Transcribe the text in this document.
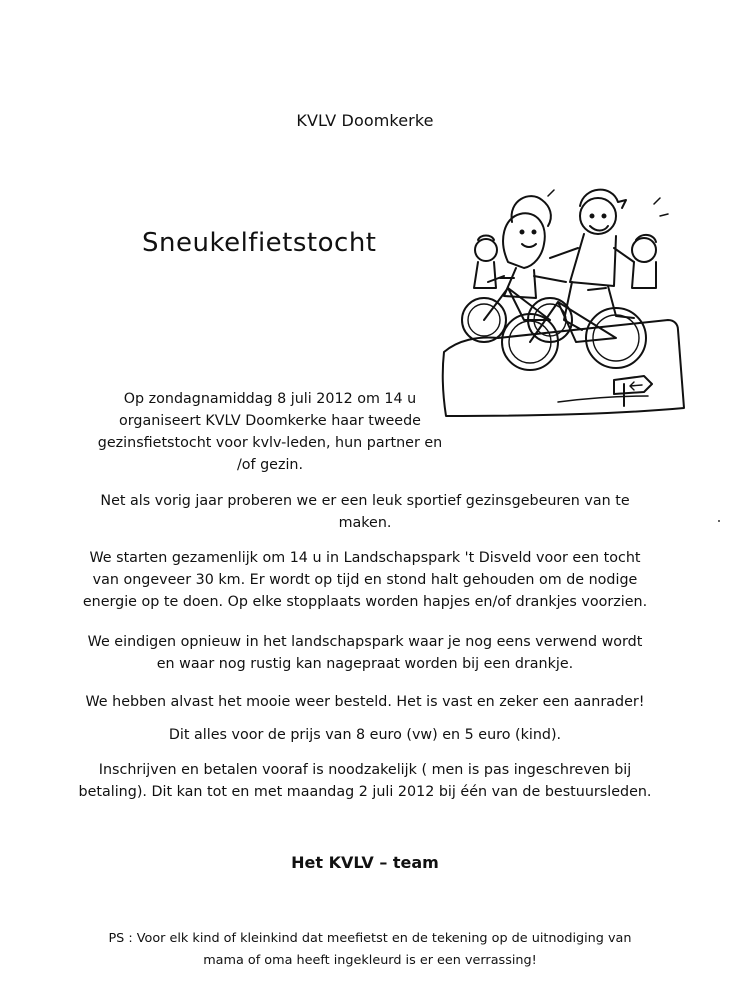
KVLV Doomkerke
Sneukelfietstocht
Op zondagnamiddag 8 juli 2012 om 14 u
organiseert KVLV Doomkerke haar tweede
gezinsfietstocht voor kvlv-leden, hun partner en
/of gezin.
Net als vorig jaar proberen we er een leuk sportief gezinsgebeuren van te
maken.
We starten gezamenlijk om 14 u in Landschapspark 't Disveld voor een tocht
van ongeveer 30 km. Er wordt op tijd en stond halt gehouden om de nodige
energie op te doen. Op elke stopplaats worden hapjes en/of drankjes voorzien.
We eindigen opnieuw in het landschapspark waar je nog eens verwend wordt
en waar nog rustig kan nagepraat worden bij een drankje.
We hebben alvast het mooie weer besteld. Het is vast en zeker een aanrader!
Dit alles voor de prijs van 8 euro (vw) en 5 euro (kind).
Inschrijven en betalen vooraf is noodzakelijk ( men is pas ingeschreven bij
betaling). Dit kan tot en met maandag 2 juli 2012 bij één van de bestuursleden.
Het KVLV – team
PS : Voor elk kind of kleinkind dat meefietst en de tekening op de uitnodiging van
mama of oma heeft ingekleurd is er een verrassing!
